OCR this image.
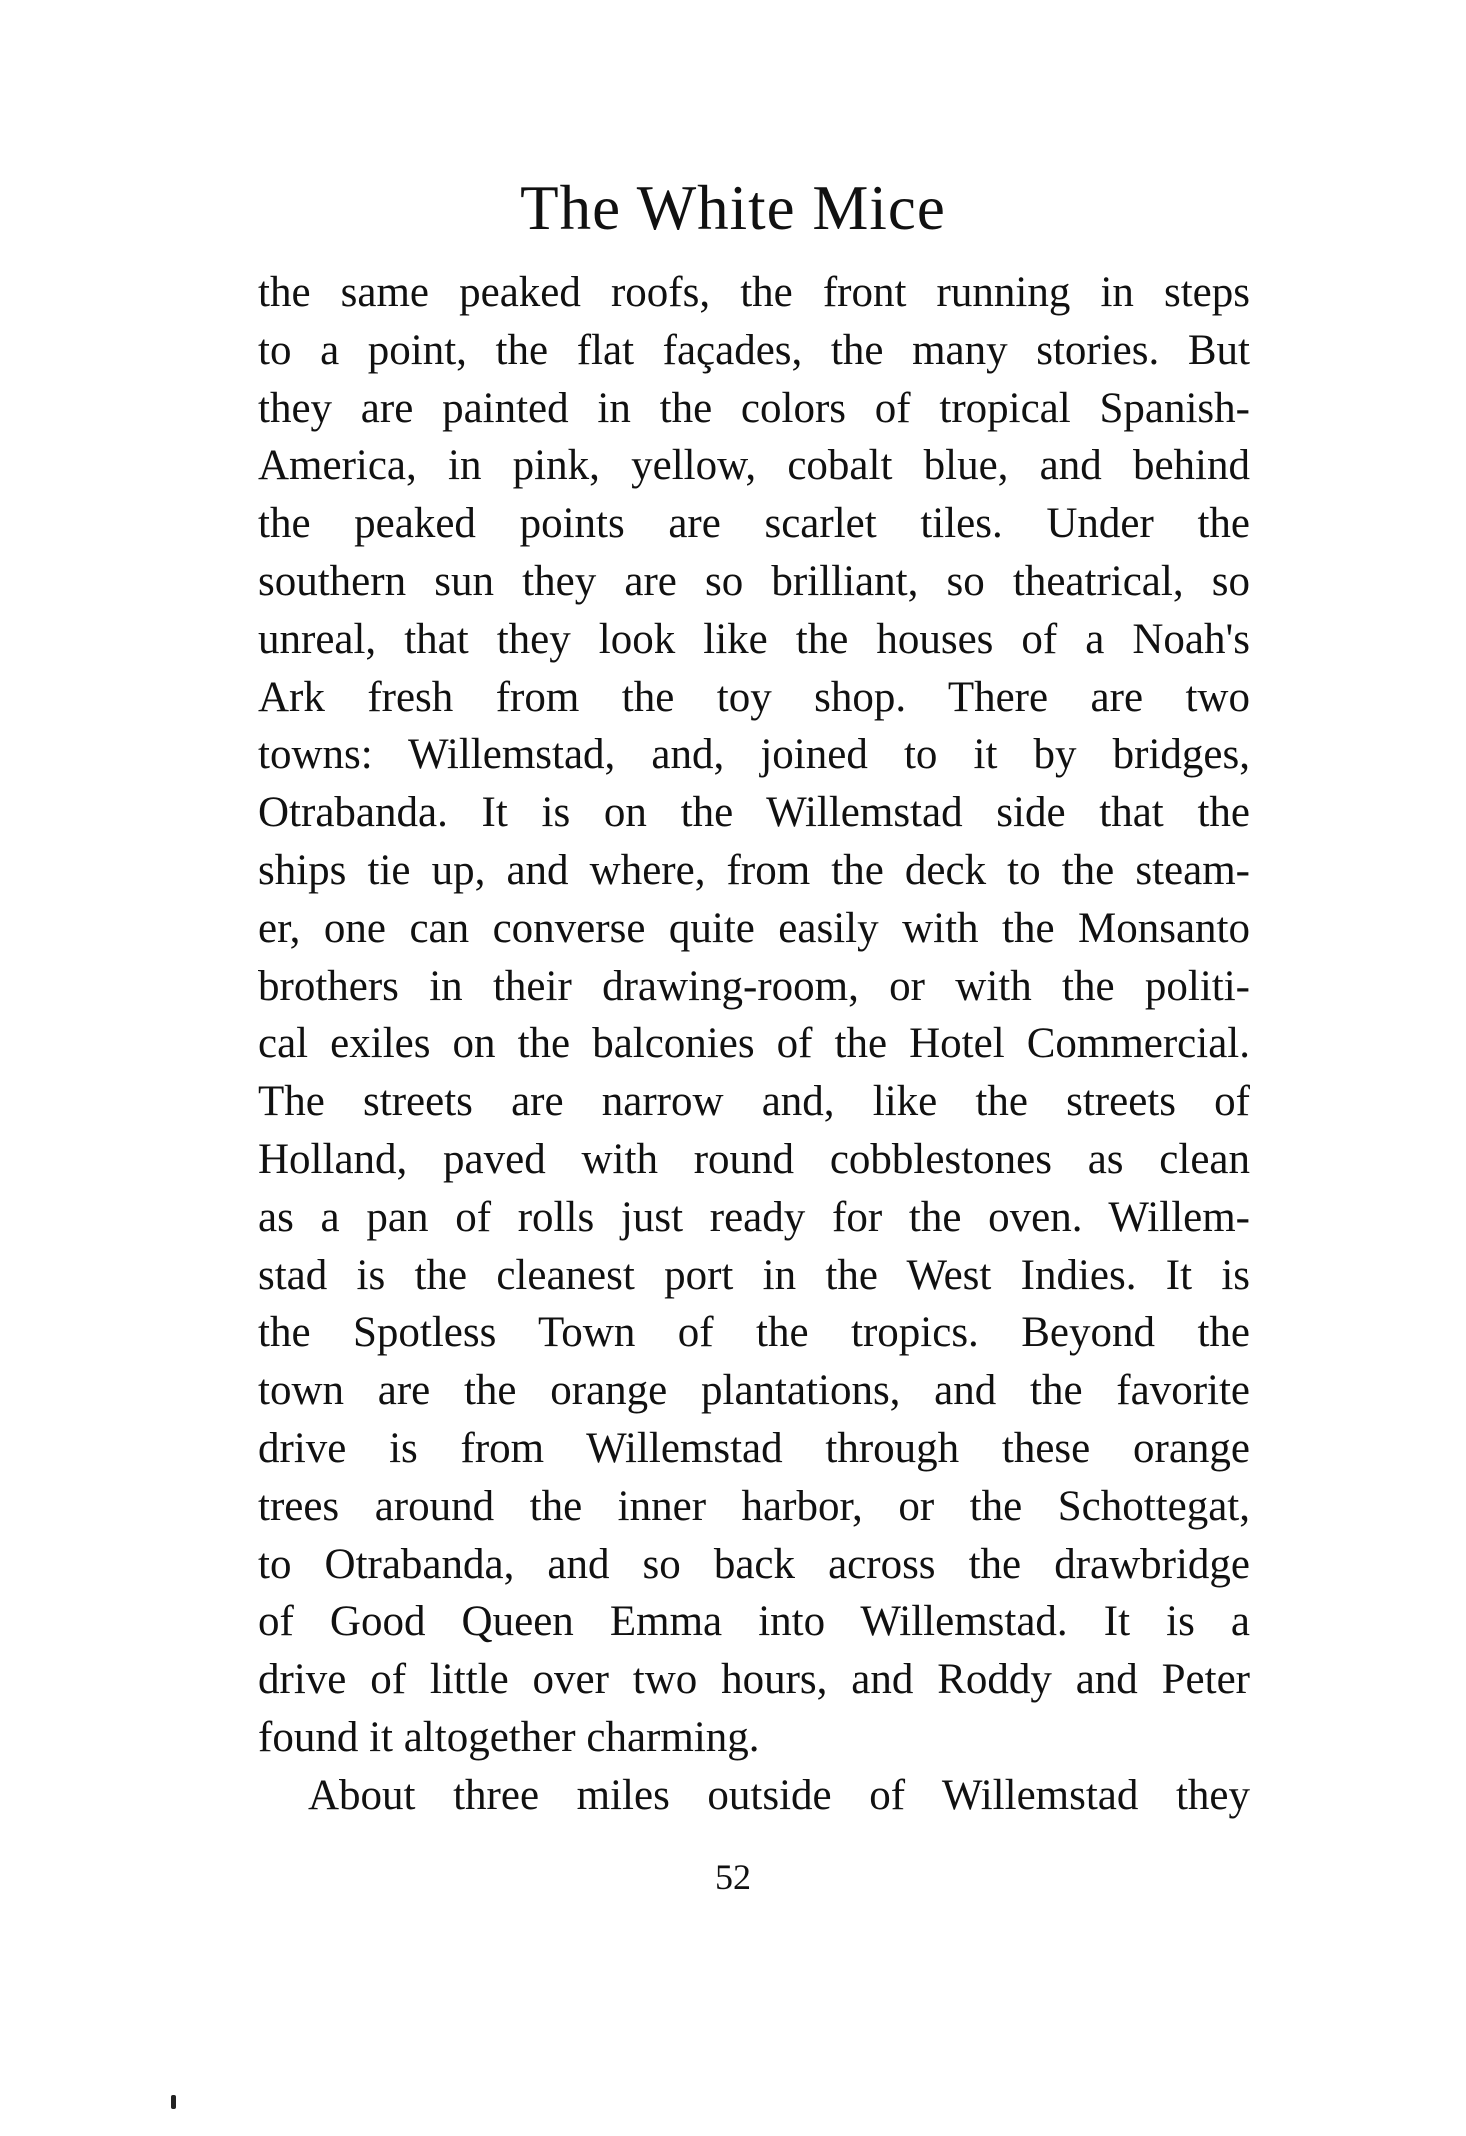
The White Mice
the same peaked roofs, the front running in steps
to a point, the flat façades, the many stories. But
they are painted in the colors of tropical Spanish-
America, in pink, yellow, cobalt blue, and behind
the peaked points are scarlet tiles. Under the
southern sun they are so brilliant, so theatrical, so
unreal, that they look like the houses of a Noah's
Ark fresh from the toy shop. There are two
towns: Willemstad, and, joined to it by bridges,
Otrabanda. It is on the Willemstad side that the
ships tie up, and where, from the deck to the steam-
er, one can converse quite easily with the Monsanto
brothers in their drawing-room, or with the politi-
cal exiles on the balconies of the Hotel Commercial.
The streets are narrow and, like the streets of
Holland, paved with round cobblestones as clean
as a pan of rolls just ready for the oven. Willem-
stad is the cleanest port in the West Indies. It is
the Spotless Town of the tropics. Beyond the
town are the orange plantations, and the favorite
drive is from Willemstad through these orange
trees around the inner harbor, or the Schottegat,
to Otrabanda, and so back across the drawbridge
of Good Queen Emma into Willemstad. It is a
drive of little over two hours, and Roddy and Peter
found it altogether charming.
About three miles outside of Willemstad they
52
